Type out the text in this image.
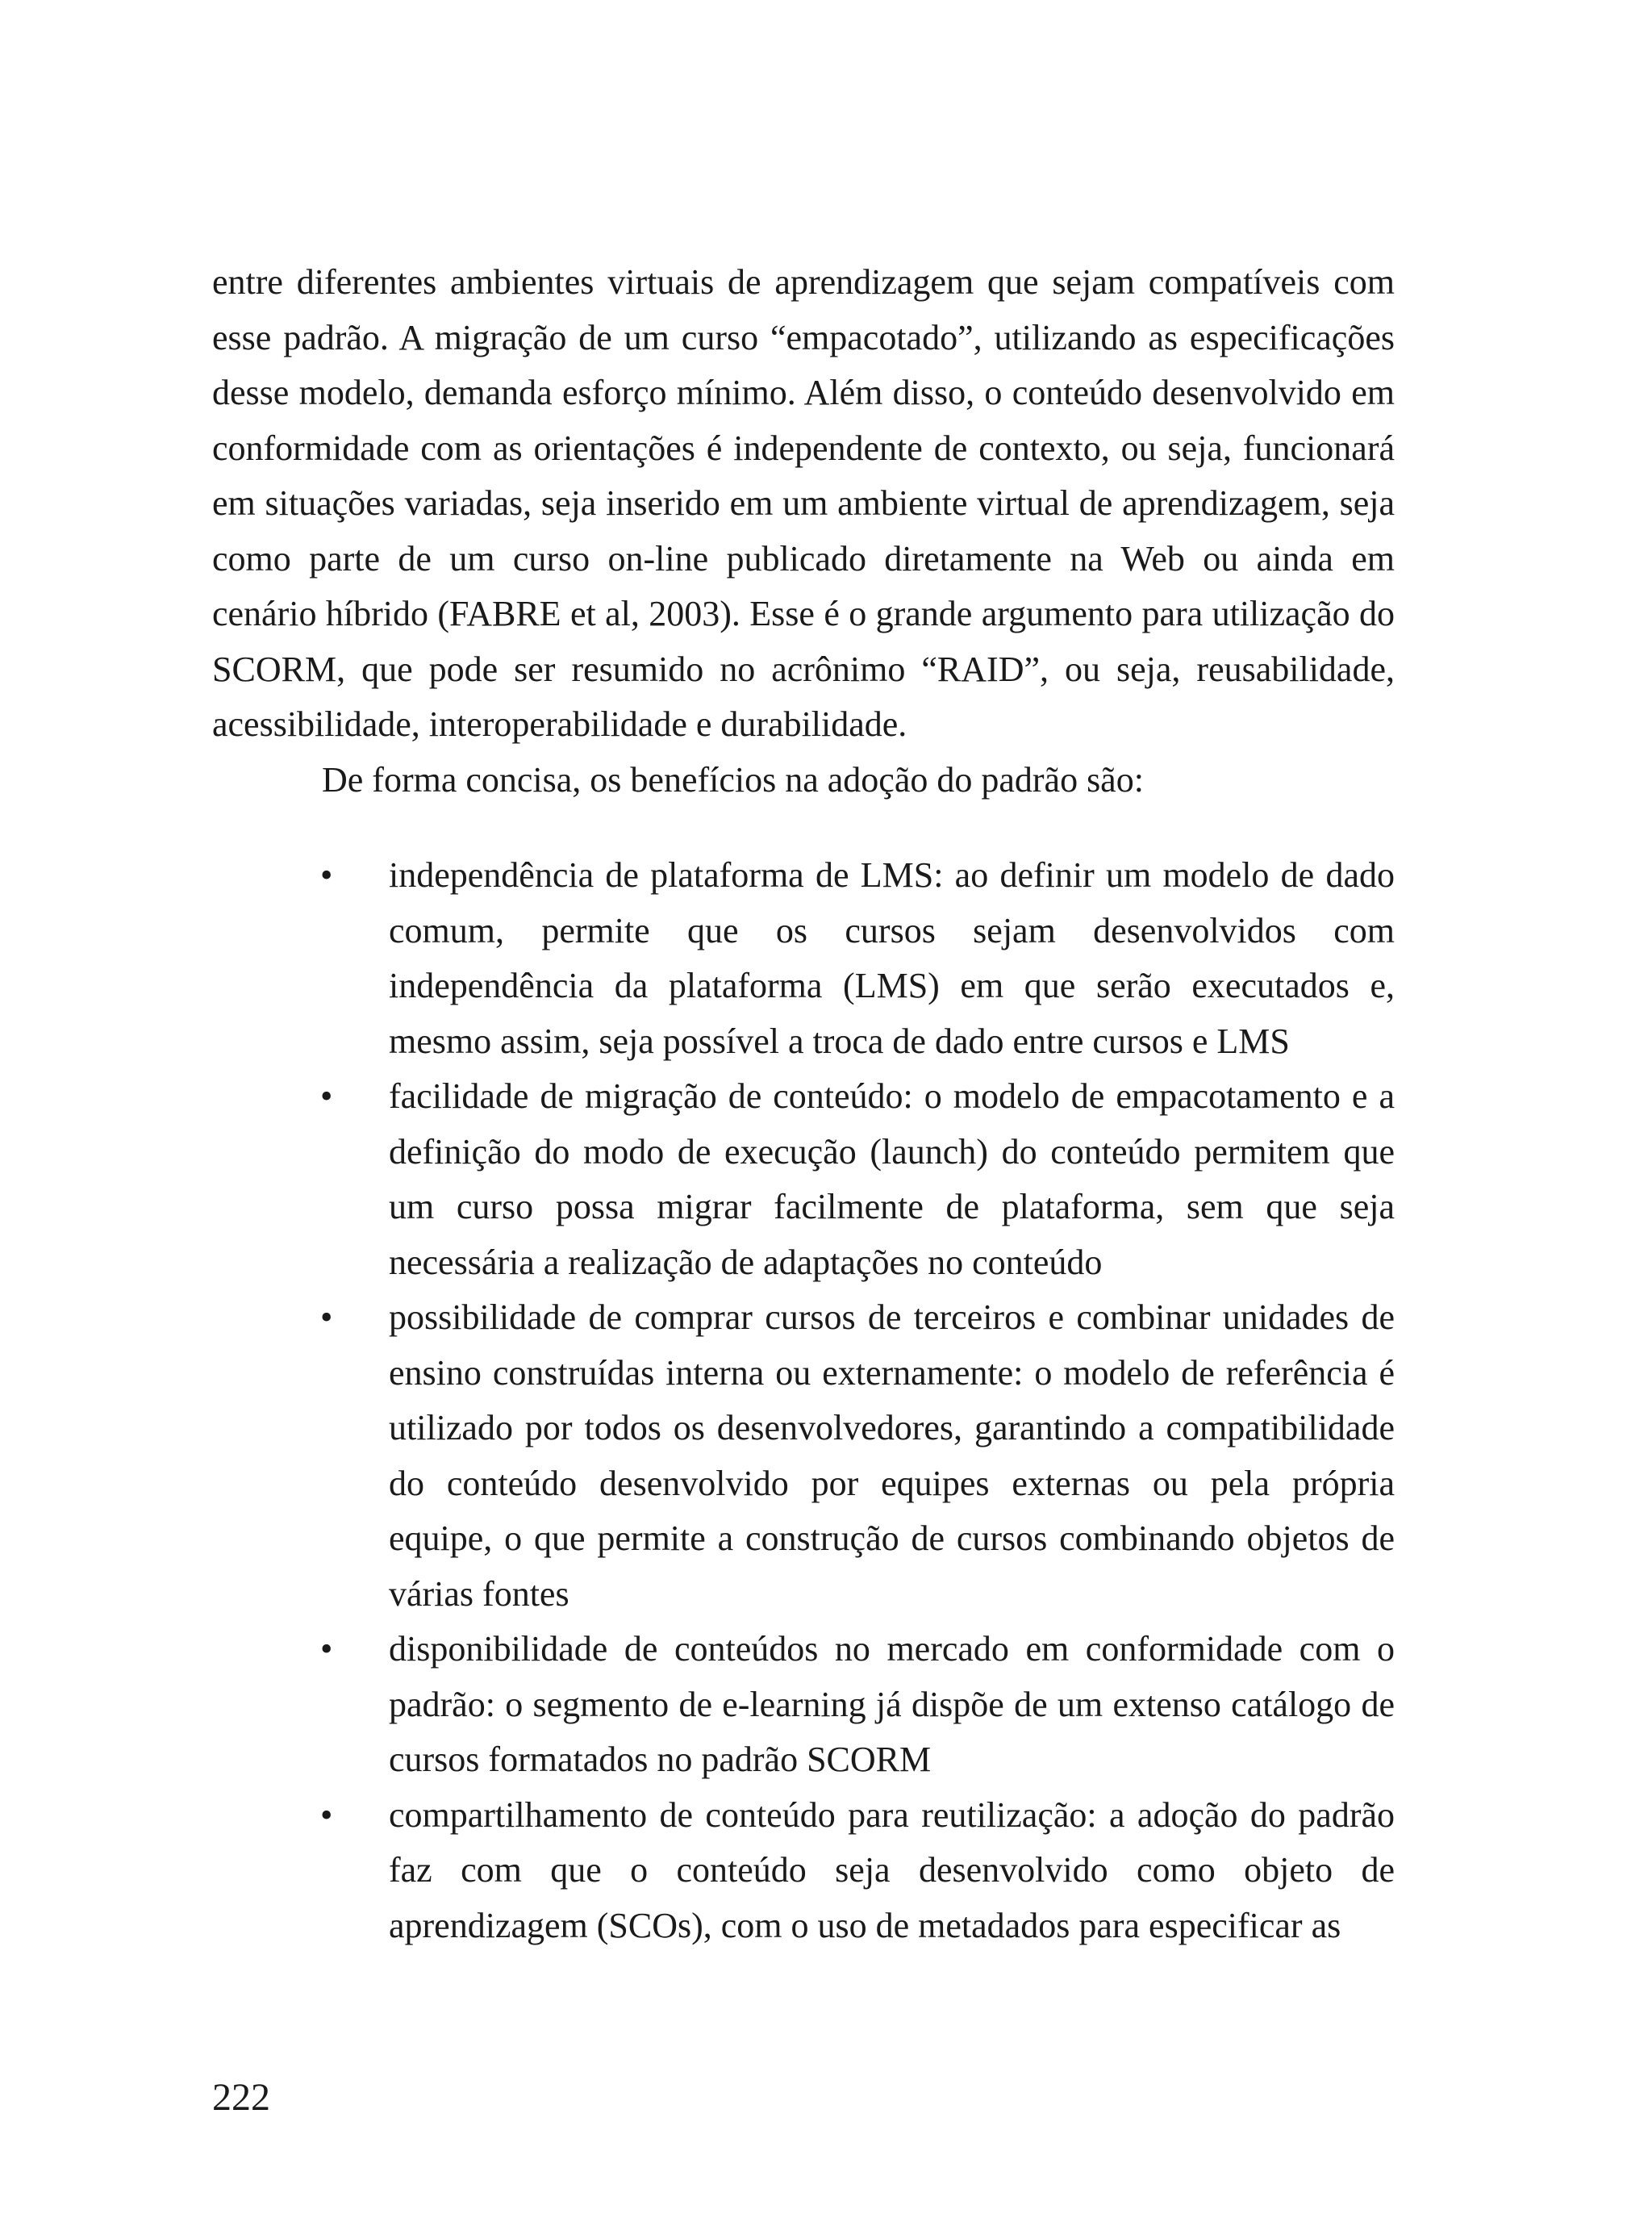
entre diferentes ambientes virtuais de aprendizagem que sejam compatíveis com esse padrão. A migração de um curso “empacotado”, utilizando as especificações desse modelo, demanda esforço mínimo. Além disso, o conteúdo desenvolvido em conformidade com as orientações é independente de contexto, ou seja, funcionará em situações variadas, seja inserido em um ambiente virtual de aprendizagem, seja como parte de um curso on-line publicado diretamente na Web ou ainda em cenário híbrido (FABRE et al, 2003). Esse é o grande argumento para utilização do SCORM, que pode ser resumido no acrônimo “RAID”, ou seja, reusabilidade, acessibilidade, interoperabilidade e durabilidade.

De forma concisa, os benefícios na adoção do padrão são:

• independência de plataforma de LMS: ao definir um modelo de dado comum, permite que os cursos sejam desenvolvidos com independência da plataforma (LMS) em que serão executados e, mesmo assim, seja possível a troca de dado entre cursos e LMS
• facilidade de migração de conteúdo: o modelo de empacotamento e a definição do modo de execução (launch) do conteúdo permitem que um curso possa migrar facilmente de plataforma, sem que seja necessária a realização de adaptações no conteúdo
• possibilidade de comprar cursos de terceiros e combinar unidades de ensino construídas interna ou externamente: o modelo de referência é utilizado por todos os desenvolvedores, garantindo a compatibilidade do conteúdo desenvolvido por equipes externas ou pela própria equipe, o que permite a construção de cursos combinando objetos de várias fontes
• disponibilidade de conteúdos no mercado em conformidade com o padrão: o segmento de e-learning já dispõe de um extenso catálogo de cursos formatados no padrão SCORM
• compartilhamento de conteúdo para reutilização: a adoção do padrão faz com que o conteúdo seja desenvolvido como objeto de aprendizagem (SCOs), com o uso de metadados para especificar as
222
